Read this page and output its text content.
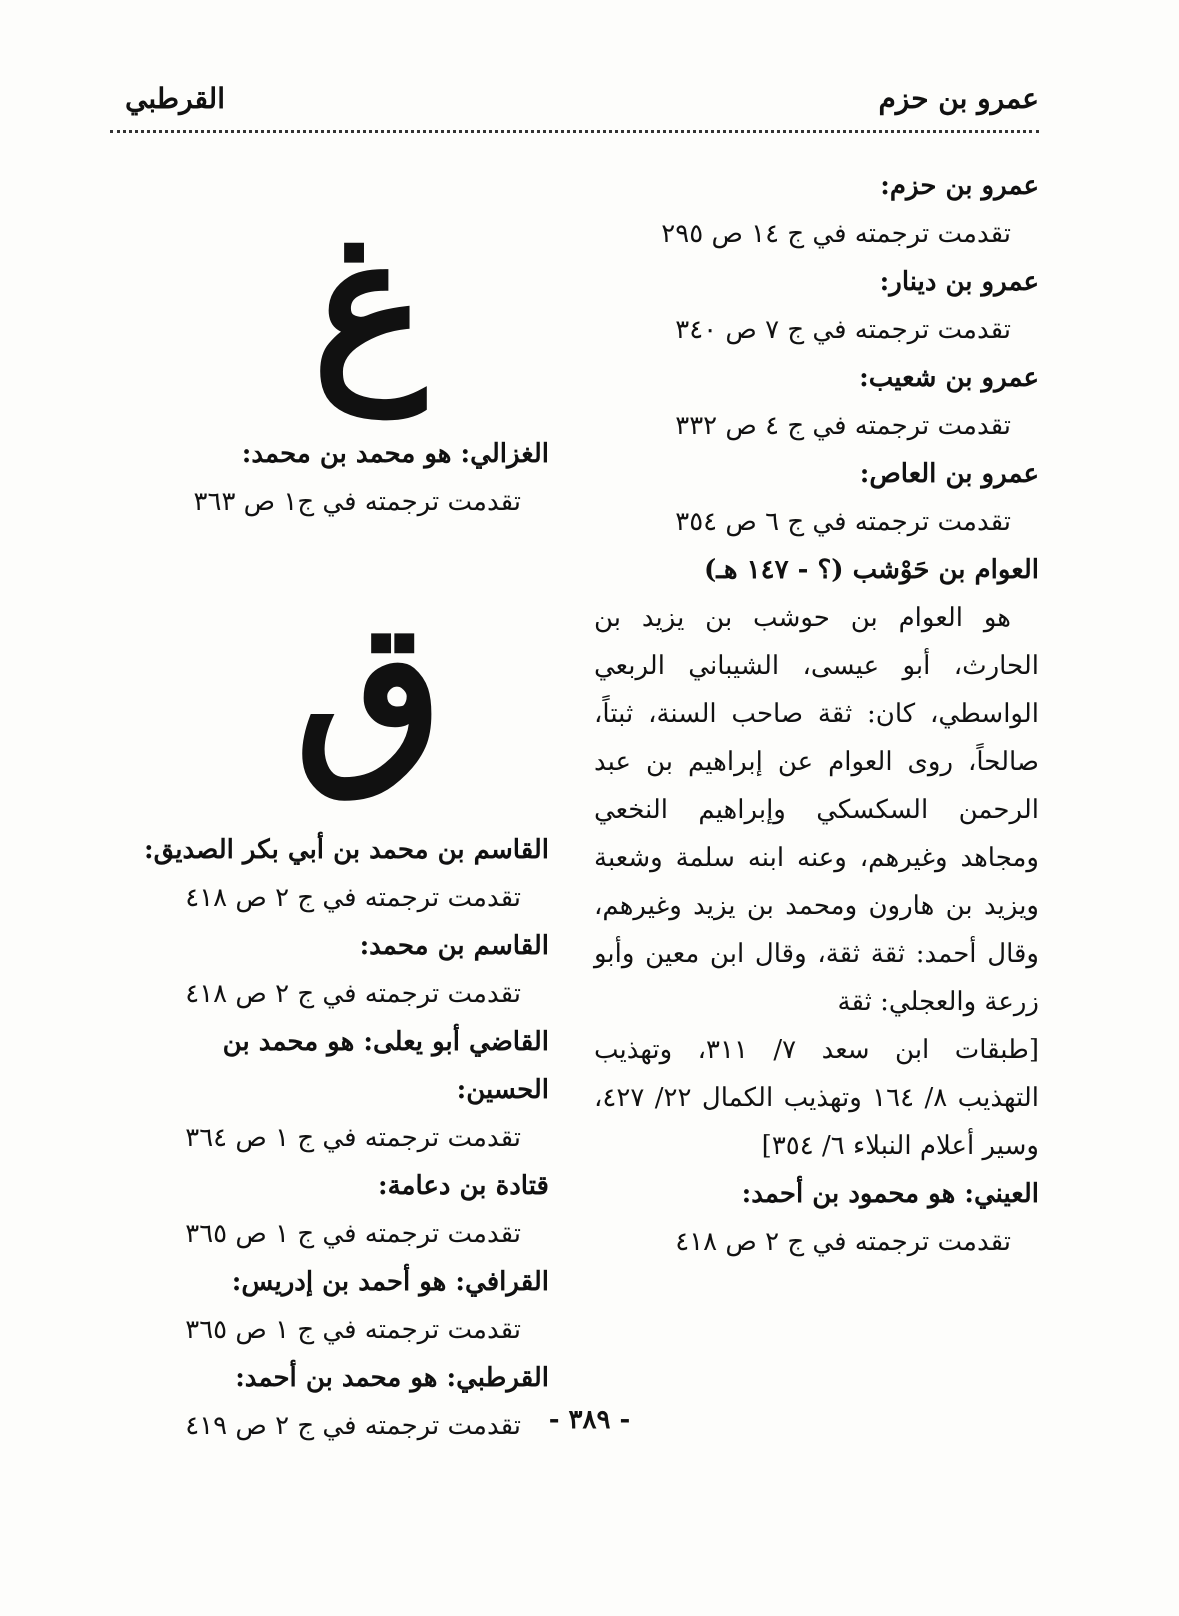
عمرو بن حزم
القرطبي
عمرو بن حزم:
تقدمت ترجمته في ج ١٤ ص ٢٩٥
عمرو بن دينار:
تقدمت ترجمته في ج ٧ ص ٣٤٠
عمرو بن شعيب:
تقدمت ترجمته في ج ٤ ص ٣٣٢
عمرو بن العاص:
تقدمت ترجمته في ج ٦ ص ٣٥٤
العوام بن حَوْشب (؟ - ١٤٧ هـ)
هو العوام بن حوشب بن يزيد بن الحارث، أبو عيسى، الشيباني الربعي الواسطي، كان: ثقة صاحب السنة، ثبتاً، صالحاً، روى العوام عن إبراهيم بن عبد الرحمن السكسكي وإبراهيم النخعي ومجاهد وغيرهم، وعنه ابنه سلمة وشعبة ويزيد بن هارون ومحمد بن يزيد وغيرهم، وقال أحمد: ثقة ثقة، وقال ابن معين وأبو زرعة والعجلي: ثقة
[طبقات ابن سعد ٧/ ٣١١، وتهذيب التهذيب ٨/ ١٦٤ وتهذيب الكمال ٢٢/ ٤٢٧، وسير أعلام النبلاء ٦/ ٣٥٤]
العيني: هو محمود بن أحمد:
تقدمت ترجمته في ج ٢ ص ٤١٨
غ
الغزالي: هو محمد بن محمد:
تقدمت ترجمته في ج١ ص ٣٦٣
ق
القاسم بن محمد بن أبي بكر الصديق:
تقدمت ترجمته في ج ٢ ص ٤١٨
القاسم بن محمد:
تقدمت ترجمته في ج ٢ ص ٤١٨
القاضي أبو يعلى: هو محمد بن الحسين:
تقدمت ترجمته في ج ١ ص ٣٦٤
قتادة بن دعامة:
تقدمت ترجمته في ج ١ ص ٣٦٥
القرافي: هو أحمد بن إدريس:
تقدمت ترجمته في ج ١ ص ٣٦٥
القرطبي: هو محمد بن أحمد:
تقدمت ترجمته في ج ٢ ص ٤١٩	- ٣٨٩ -
